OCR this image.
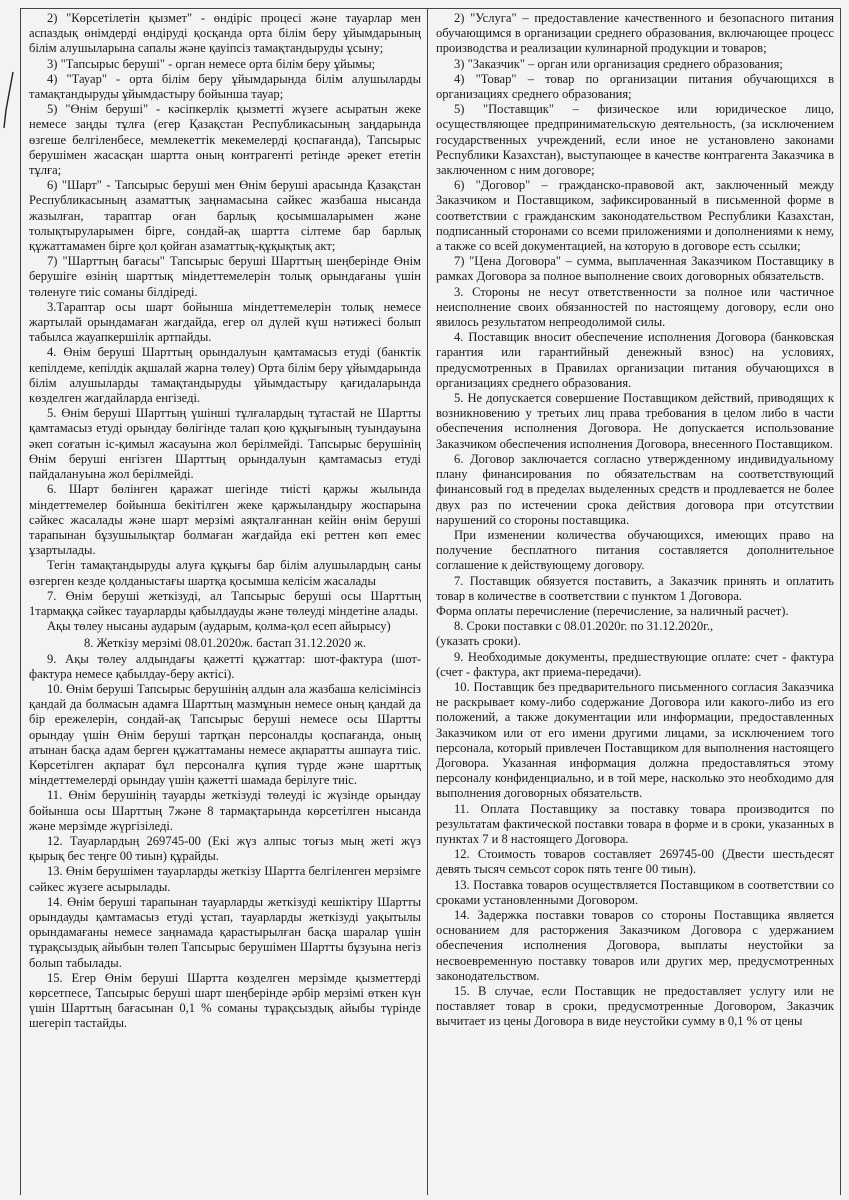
2) "Көрсетілетін қызмет" - өндіріс процесі және тауарлар мен аспаздық өнімдерді өндіруді қосқанда орта білім беру ұйымдарының білім алушыларына сапалы және қауіпсіз тамақтандыруды ұсыну;

3) "Тапсырыс беруші" - орган немесе орта білім беру ұйымы;

4) "Тауар" - орта білім беру ұйымдарында білім алушыларды тамақтандыруды ұйымдастыру бойынша тауар;

5) "Өнім беруші" - кәсіпкерлік қызметті жүзеге асыратын жеке немесе заңды тұлға (егер Қазақстан Республикасының заңдарында өзгеше белгіленбесе, мемлекеттік мекемелерді қоспағанда), Тапсырыс берушімен жасасқан шартта оның контрагенті ретінде әрекет ететін тұлға;

6) "Шарт" - Тапсырыс беруші мен Өнім беруші арасында Қазақстан Республикасының азаматтық заңнамасына сәйкес жазбаша нысанда жазылған, тараптар оған барлық қосымшаларымен және толықтыруларымен бірге, сондай-ақ шартта сілтеме бар барлық құжаттамамен бірге қол қойған азаматтық-құқықтық акт;

7) "Шарттың бағасы" Тапсырыс беруші Шарттың шеңберінде Өнім берушіге өзінің шарттық міндеттемелерін толық орындағаны үшін төленуге тиіс соманы білдіреді.

3.Тараптар осы шарт бойынша міндеттемелерін толық немесе жартылай орындамаған жағдайда, егер ол дүлей күш нәтижесі болып табылса жауапкершілік артпайды.

4. Өнім беруші Шарттың орындалуын қамтамасыз етуді (банктік кепілдеме, кепілдік ақшалай жарна төлеу) Орта білім беру ұйымдарында білім алушыларды тамақтандыруды ұйымдастыру қағидаларында көзделген жағдайларда енгізеді.

5. Өнім беруші Шарттың үшінші тұлғалардың тұтастай не Шартты қамтамасыз етуді орындау бөлігінде талап қою құқығының туындауына әкеп соғатын іс-қимыл жасауына жол берілмейді. Тапсырыс берушінің Өнім беруші енгізген Шарттың орындалуын қамтамасыз етуді пайдалануына жол берілмейді.

6. Шарт бөлінген қаражат шегінде тиісті қаржы жылында міндеттемелер бойынша бекітілген жеке қаржыландыру жоспарына сәйкес жасалады және шарт мерзімі аяқталғаннан кейін өнім беруші тарапынан бұзушылықтар болмаған жағдайда екі реттен көп емес ұзартылады.

Тегін тамақтандыруды алуға құқығы бар білім алушылардың саны өзгерген кезде қолданыстағы шартқа қосымша келісім жасалады

7. Өнім беруші жеткізуді, ал Тапсырыс беруші осы Шарттың 1тармаққа сәйкес тауарларды қабылдауды және төлеуді міндетіне алады.

Ақы төлеу нысаны аударым (аударым, қолма-қол есеп айырысу)

8. Жеткізу мерзімі 08.01.2020ж. бастап 31.12.2020 ж.

9. Ақы төлеу алдындағы қажетті құжаттар: шот-фактура (шот-фактура немесе қабылдау-беру актісі).

10. Өнім беруші Тапсырыс берушінің алдын ала жазбаша келісімінсіз қандай да болмасын адамға Шарттың мазмұнын немесе оның қандай да бір ережелерін, сондай-ақ Тапсырыс беруші немесе осы Шартты орындау үшін Өнім беруші тартқан персоналды қоспағанда, оның атынан басқа адам берген құжаттаманы немесе ақпаратты ашпауға тиіс. Көрсетілген ақпарат бұл персоналға құпия түрде және шарттық міндеттемелерді орындау үшін қажетті шамада берілуге тиіс.

11. Өнім берушінің тауарды жеткізуді төлеуді іс жүзінде орындау бойынша осы Шарттың 7және 8 тармақтарында көрсетілген нысанда және мерзімде жүргізіледі.

12. Тауарлардың 269745-00 (Екі жүз алпыс тоғыз мың жеті жүз қырық бес теңге 00 тиын) құрайды.

13. Өнім берушімен тауарларды жеткізу Шартта белгіленген мерзімге сәйкес жүзеге асырылады.

14. Өнім беруші тарапынан тауарларды жеткізуді кешіктіру Шартты орындауды қамтамасыз етуді ұстап, тауарларды жеткізуді уақытылы орындамағаны немесе заңнамада қарастырылған басқа шаралар үшін тұрақсыздық айыбын төлеп Тапсырыс берушімен Шартты бұзуына негіз болып табылады.

15. Егер Өнім беруші Шартта көзделген мерзімде қызметтерді көрсетпесе, Тапсырыс беруші шарт шеңберінде әрбір мерзімі өткен күн үшін Шарттың бағасынан 0,1 % соманы тұрақсыздық айыбы түрінде шегеріп тастайды.

2) "Услуга" – предоставление качественного и безопасного питания обучающимся в организации среднего образования, включающее процесс производства и реализации кулинарной продукции и товаров;

3) "Заказчик" – орган или организация среднего образования;

4) "Товар" – товар по организации питания обучающихся в организациях среднего образования;

5) "Поставщик" – физическое или юридическое лицо, осуществляющее предпринимательскую деятельность, (за исключением государственных учреждений, если иное не установлено законами Республики Казахстан), выступающее в качестве контрагента Заказчика в заключенном с ним договоре;

6) "Договор" – гражданско-правовой акт, заключенный между Заказчиком и Поставщиком, зафиксированный в письменной форме в соответствии с гражданским законодательством Республики Казахстан, подписанный сторонами со всеми приложениями и дополнениями к нему, а также со всей документацией, на которую в договоре есть ссылки;

7) "Цена Договора" – сумма, выплаченная Заказчиком Поставщику в рамках Договора за полное выполнение своих договорных обязательств.

3. Стороны не несут ответственности за полное или частичное неисполнение своих обязанностей по настоящему договору, если оно явилось результатом непреодолимой силы.

4. Поставщик вносит обеспечение исполнения Договора (банковская гарантия или гарантийный денежный взнос) на условиях, предусмотренных в Правилах организации питания обучающихся в организациях среднего образования.

5. Не допускается совершение Поставщиком действий, приводящих к возникновению у третьих лиц права требования в целом либо в части обеспечения исполнения Договора. Не допускается использование Заказчиком обеспечения исполнения Договора, внесенного Поставщиком.

6. Договор заключается согласно утвержденному индивидуальному плану финансирования по обязательствам на соответствующий финансовый год в пределах выделенных средств и продлевается не более двух раз по истечении срока действия договора при отсутствии нарушений со стороны поставщика.

При изменении количества обучающихся, имеющих право на получение бесплатного питания составляется дополнительное соглашение к действующему договору.

7. Поставщик обязуется поставить, а Заказчик принять и оплатить товар в количестве в соответствии с пунктом 1 Договора.

Форма оплаты перечисление (перечисление, за наличный расчет).

8. Сроки поставки с 08.01.2020г. по 31.12.2020г.,

(указать сроки).

9. Необходимые документы, предшествующие оплате: счет - фактура (счет - фактура, акт приема-передачи).

10. Поставщик без предварительного письменного согласия Заказчика не раскрывает кому-либо содержание Договора или какого-либо из его положений, а также документации или информации, предоставленных Заказчиком или от его имени другими лицами, за исключением того персонала, который привлечен Поставщиком для выполнения настоящего Договора. Указанная информация должна предоставляться этому персоналу конфиденциально, и в той мере, насколько это необходимо для выполнения договорных обязательств.

11. Оплата Поставщику за поставку товара производится по результатам фактической поставки товара в форме и в сроки, указанных в пунктах 7 и 8 настоящего Договора.

12. Стоимость товаров составляет 269745-00 (Двести шестьдесят девять тысяч семьсот сорок пять тенге 00 тиын).

13. Поставка товаров осуществляется Поставщиком в соответствии со сроками установленными Договором.

14. Задержка поставки товаров со стороны Поставщика является основанием для расторжения Заказчиком Договора с удержанием обеспечения исполнения Договора, выплаты неустойки за несвоевременную поставку товаров или других мер, предусмотренных законодательством.

15. В случае, если Поставщик не предоставляет услугу или не поставляет товар в сроки, предусмотренные Договором, Заказчик вычитает из цены Договора в виде неустойки сумму в 0,1 % от цены
